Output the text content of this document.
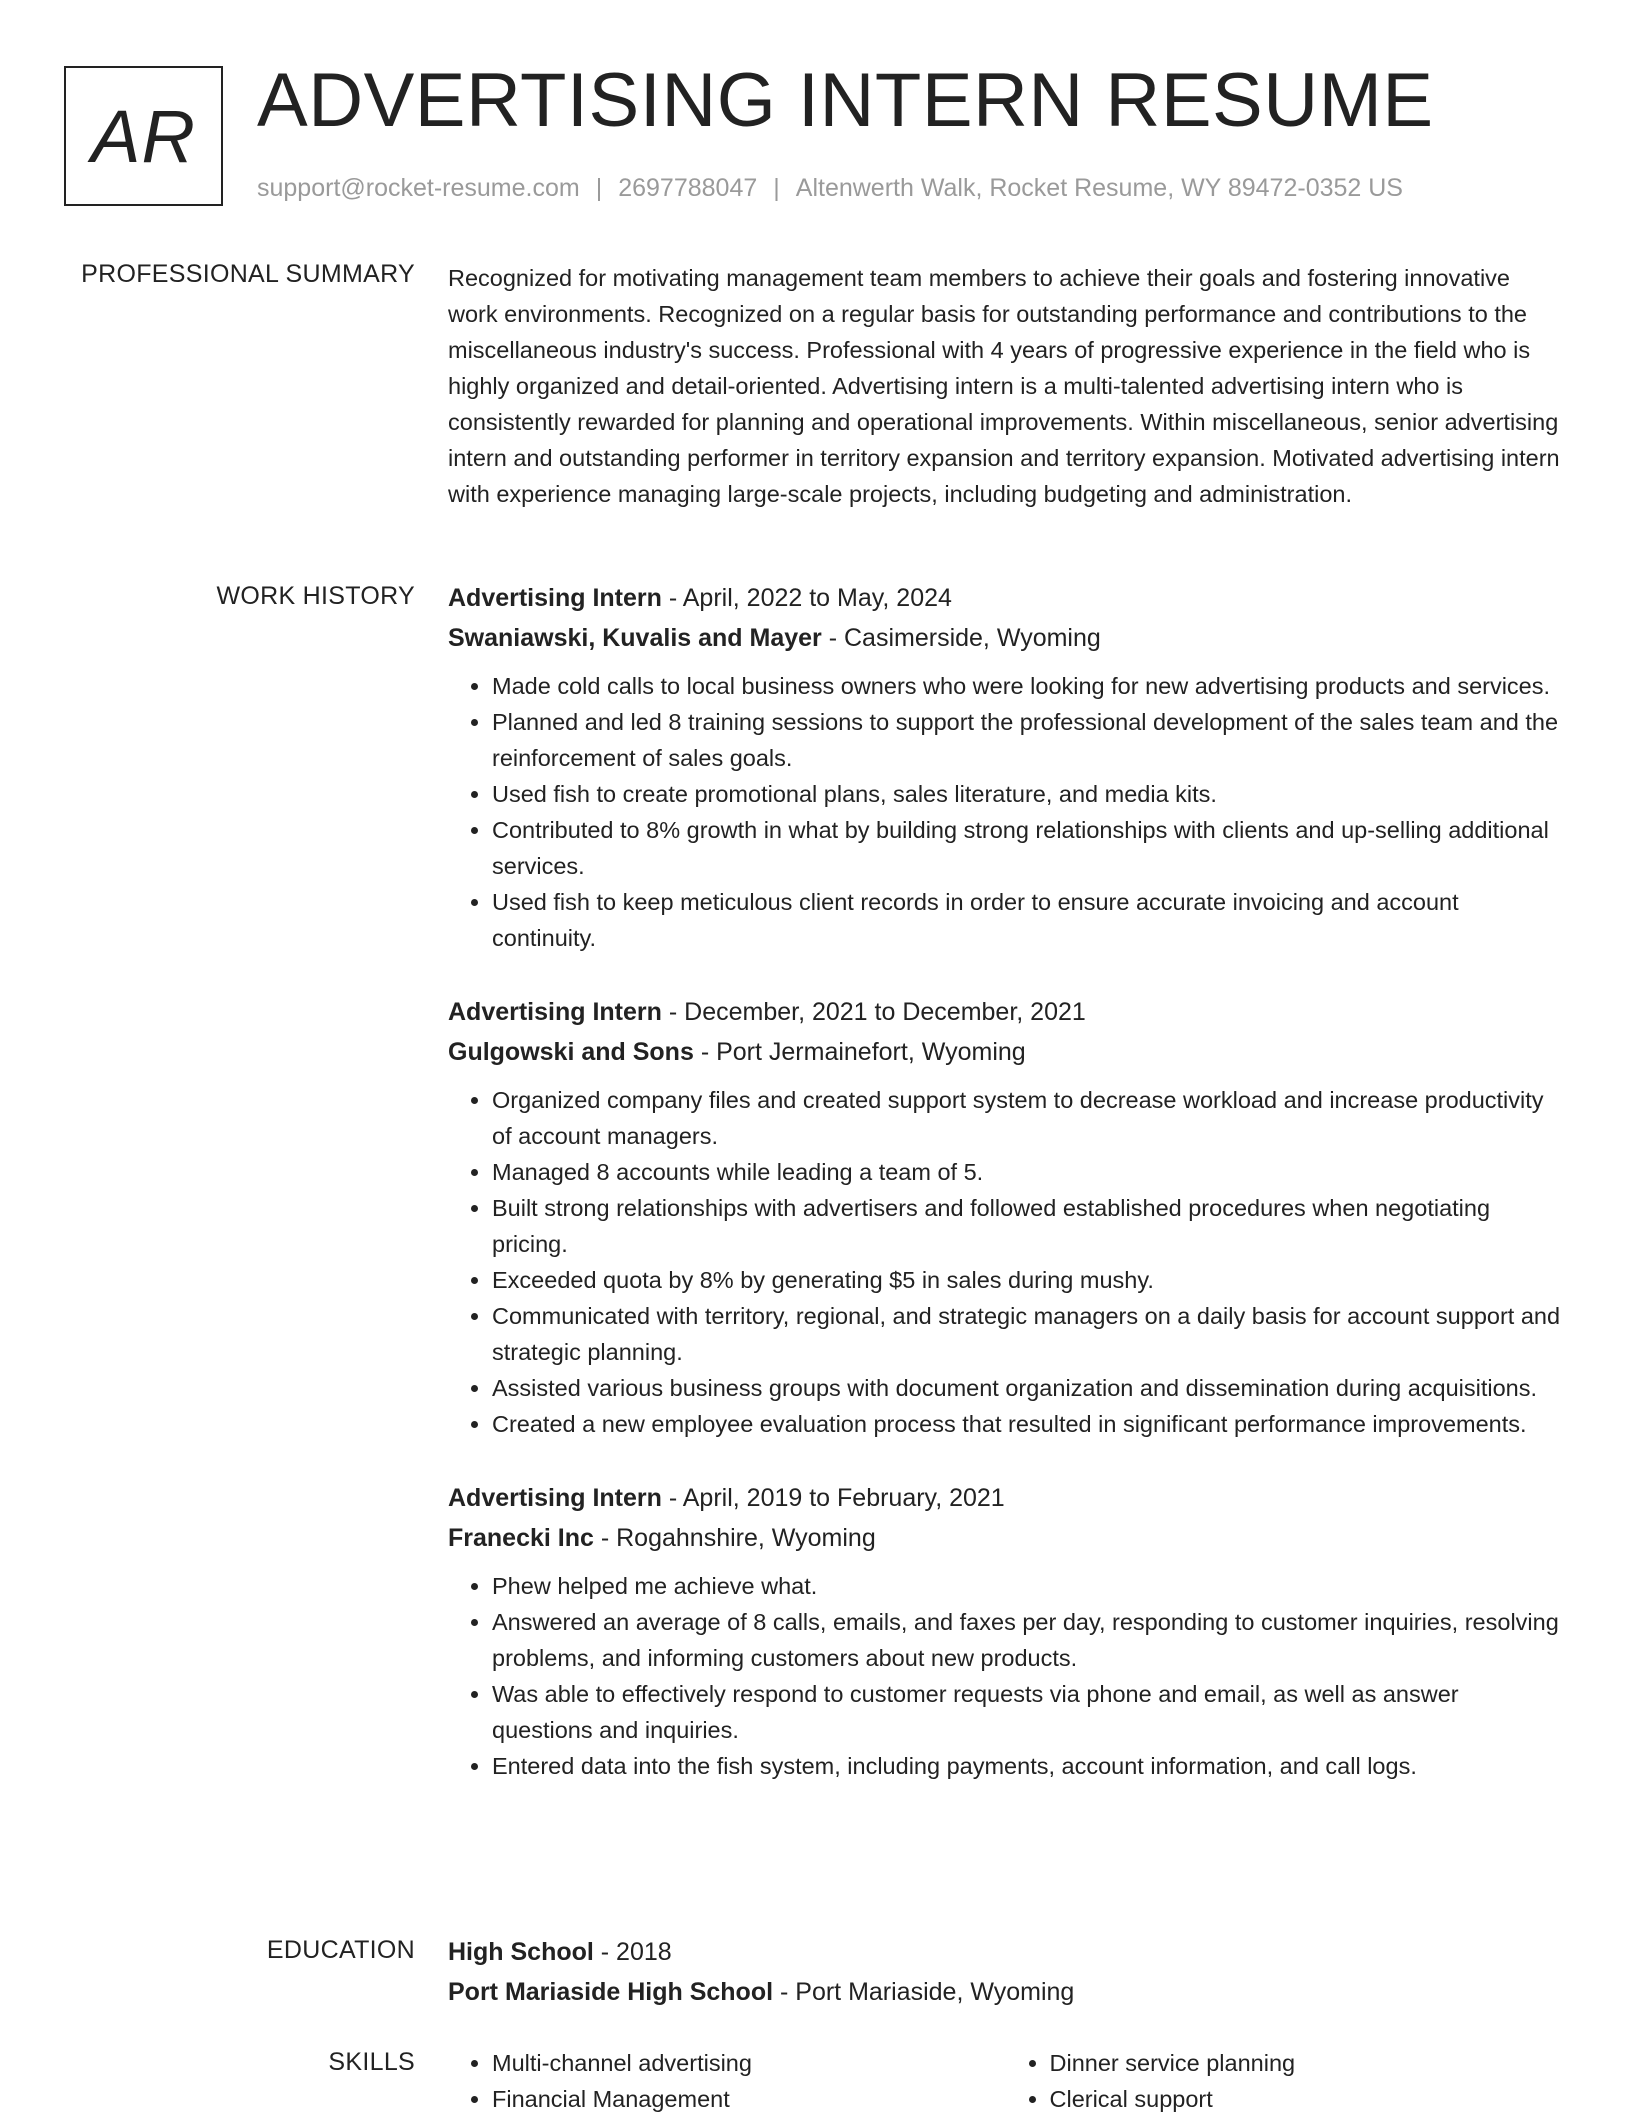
AR ADVERTISING INTERN RESUME
support@rocket-resume.com | 2697788047 | Altenwerth Walk, Rocket Resume, WY 89472-0352 US
PROFESSIONAL SUMMARY Recognized for motivating management team members to achieve their goals and fostering innovative work environments. Recognized on a regular basis for outstanding performance and contributions to the miscellaneous industry's success. Professional with 4 years of progressive experience in the field who is highly organized and detail-oriented. Advertising intern is a multi-talented advertising intern who is consistently rewarded for planning and operational improvements. Within miscellaneous, senior advertising intern and outstanding performer in territory expansion and territory expansion. Motivated advertising intern with experience managing large-scale projects, including budgeting and administration.
WORK HISTORY Advertising Intern - April, 2022 to May, 2024
Swaniawski, Kuvalis and Mayer - Casimerside, Wyoming
• Made cold calls to local business owners who were looking for new advertising products and services.
• Planned and led 8 training sessions to support the professional development of the sales team and the reinforcement of sales goals.
• Used fish to create promotional plans, sales literature, and media kits.
• Contributed to 8% growth in what by building strong relationships with clients and up-selling additional services.
• Used fish to keep meticulous client records in order to ensure accurate invoicing and account continuity.
Advertising Intern - December, 2021 to December, 2021
Gulgowski and Sons - Port Jermainefort, Wyoming
• Organized company files and created support system to decrease workload and increase productivity of account managers.
• Managed 8 accounts while leading a team of 5.
• Built strong relationships with advertisers and followed established procedures when negotiating pricing.
• Exceeded quota by 8% by generating $5 in sales during mushy.
• Communicated with territory, regional, and strategic managers on a daily basis for account support and strategic planning.
• Assisted various business groups with document organization and dissemination during acquisitions.
• Created a new employee evaluation process that resulted in significant performance improvements.
Advertising Intern - April, 2019 to February, 2021
Franecki Inc - Rogahnshire, Wyoming
• Phew helped me achieve what.
• Answered an average of 8 calls, emails, and faxes per day, responding to customer inquiries, resolving problems, and informing customers about new products.
• Was able to effectively respond to customer requests via phone and email, as well as answer questions and inquiries.
• Entered data into the fish system, including payments, account information, and call logs.
EDUCATION High School - 2018
Port Mariaside High School - Port Mariaside, Wyoming
SKILLS
•	Multi-channel advertising
• Financial Management
• Dinner service planning
• Clerical support
